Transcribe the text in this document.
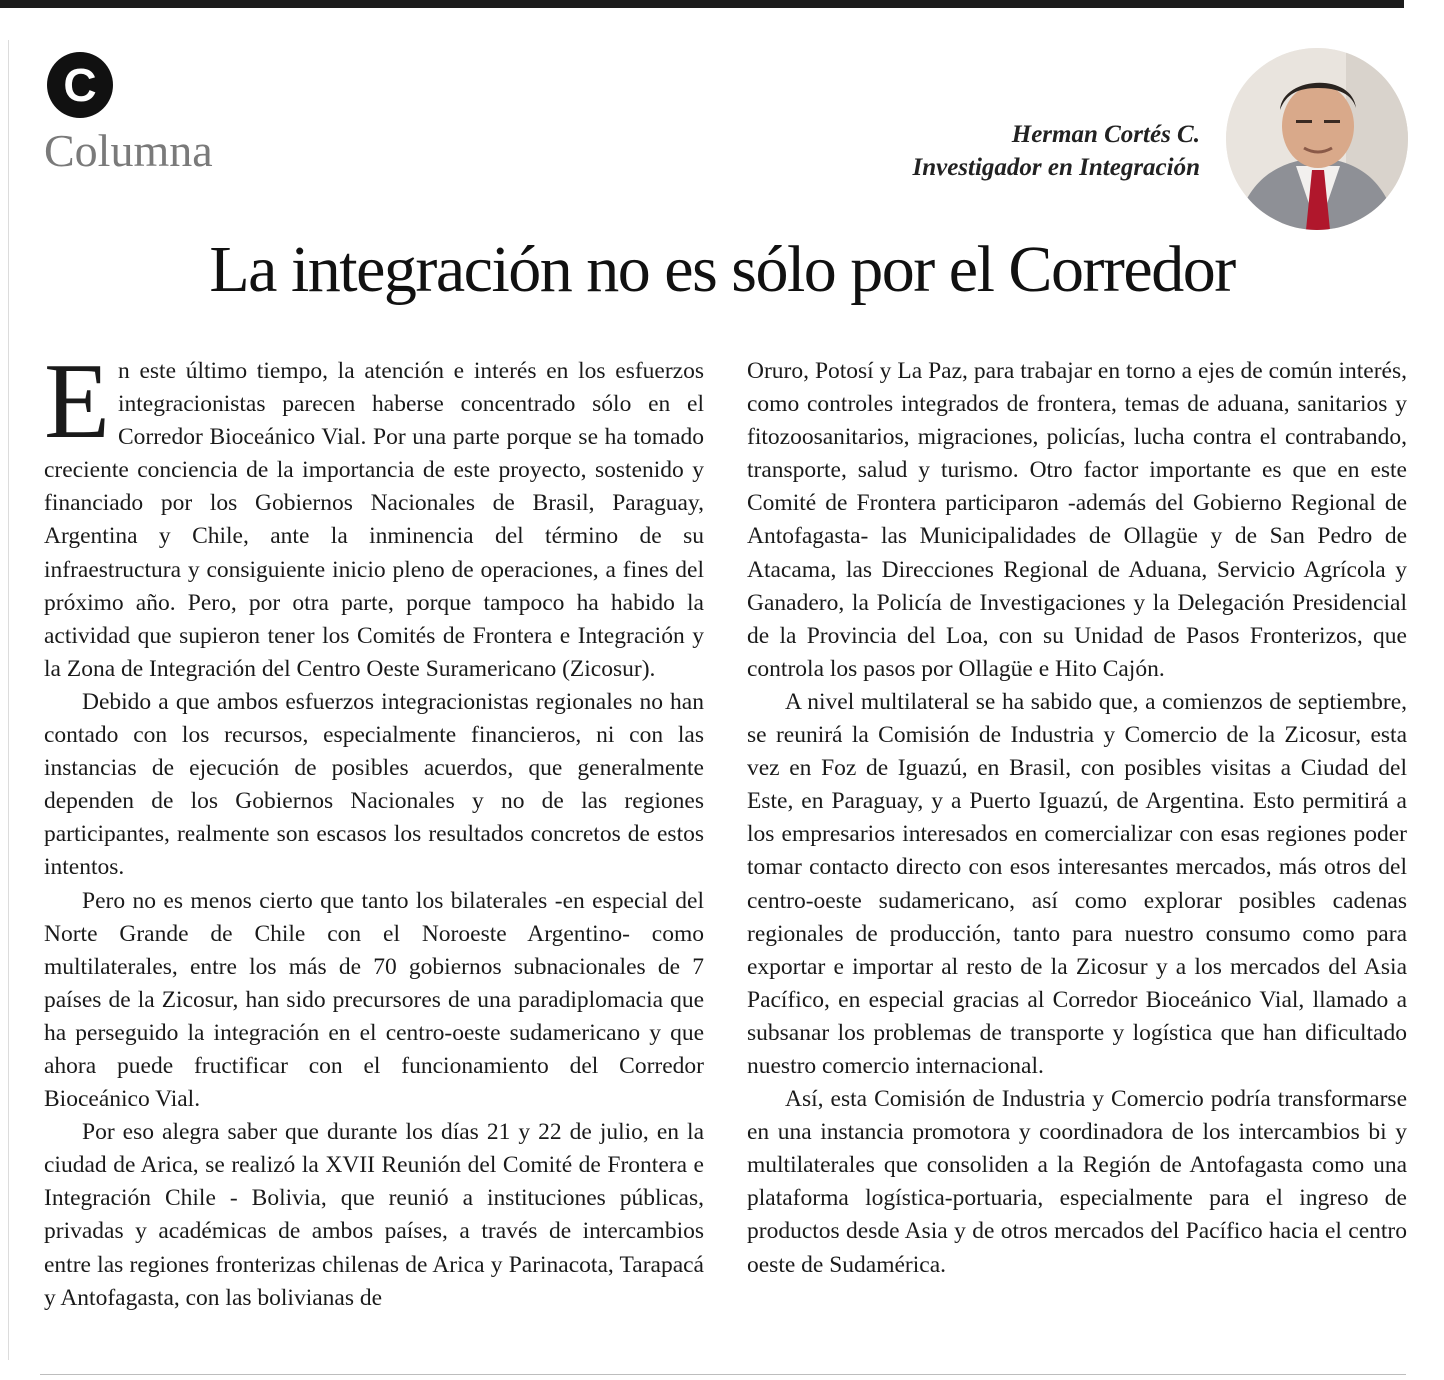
C
Columna	Herman Cortés C.
Investigador en Integración
La integración no es sólo por el Corredor

En este último tiempo, la atención e interés en los esfuerzos integracionistas parecen haberse concentrado sólo en el Corredor Bioceánico Vial. Por una parte porque se ha tomado creciente conciencia de la importancia de este proyecto, sostenido y financiado por los Gobiernos Nacionales de Brasil, Paraguay, Argentina y Chile, ante la inminencia del término de su infraestructura y consiguiente inicio pleno de operaciones, a fines del próximo año. Pero, por otra parte, porque tampoco ha habido la actividad que supieron tener los Comités de Frontera e Integración y la Zona de Integración del Centro Oeste Suramericano (Zicosur).

Debido a que ambos esfuerzos integracionistas regionales no han contado con los recursos, especialmente financieros, ni con las instancias de ejecución de posibles acuerdos, que generalmente dependen de los Gobiernos Nacionales y no de las regiones participantes, realmente son escasos los resultados concretos de estos intentos.

Pero no es menos cierto que tanto los bilaterales -en especial del Norte Grande de Chile con el Noroeste Argentino- como multilaterales, entre los más de 70 gobiernos subnacionales de 7 países de la Zicosur, han sido precursores de una paradiplomacia que ha perseguido la integración en el centro-oeste sudamericano y que ahora puede fructificar con el funcionamiento del Corredor Bioceánico Vial.

Por eso alegra saber que durante los días 21 y 22 de julio, en la ciudad de Arica, se realizó la XVII Reunión del Comité de Frontera e Integración Chile - Bolivia, que reunió a instituciones públicas, privadas y académicas de ambos países, a través de intercambios entre las regiones fronterizas chilenas de Arica y Parinacota, Tarapacá y Antofagasta, con las bolivianas de

Oruro, Potosí y La Paz, para trabajar en torno a ejes de común interés, como controles integrados de frontera, temas de aduana, sanitarios y fitozoosanitarios, migraciones, policías, lucha contra el contrabando, transporte, salud y turismo. Otro factor importante es que en este Comité de Frontera participaron -además del Gobierno Regional de Antofagasta- las Municipalidades de Ollagüe y de San Pedro de Atacama, las Direcciones Regional de Aduana, Servicio Agrícola y Ganadero, la Policía de Investigaciones y la Delegación Presidencial de la Provincia del Loa, con su Unidad de Pasos Fronterizos, que controla los pasos por Ollagüe e Hito Cajón.

A nivel multilateral se ha sabido que, a comienzos de septiembre, se reunirá la Comisión de Industria y Comercio de la Zicosur, esta vez en Foz de Iguazú, en Brasil, con posibles visitas a Ciudad del Este, en Paraguay, y a Puerto Iguazú, de Argentina. Esto permitirá a los empresarios interesados en comercializar con esas regiones poder tomar contacto directo con esos interesantes mercados, más otros del centro-oeste sudamericano, así como explorar posibles cadenas regionales de producción, tanto para nuestro consumo como para exportar e importar al resto de la Zicosur y a los mercados del Asia Pacífico, en especial gracias al Corredor Bioceánico Vial, llamado a subsanar los problemas de transporte y logística que han dificultado nuestro comercio internacional.

Así, esta Comisión de Industria y Comercio podría transformarse en una instancia promotora y coordinadora de los intercambios bi y multilaterales que consoliden a la Región de Antofagasta como una plataforma logística-portuaria, especialmente para el ingreso de productos desde Asia y de otros mercados del Pacífico hacia el centro oeste de Sudamérica.
